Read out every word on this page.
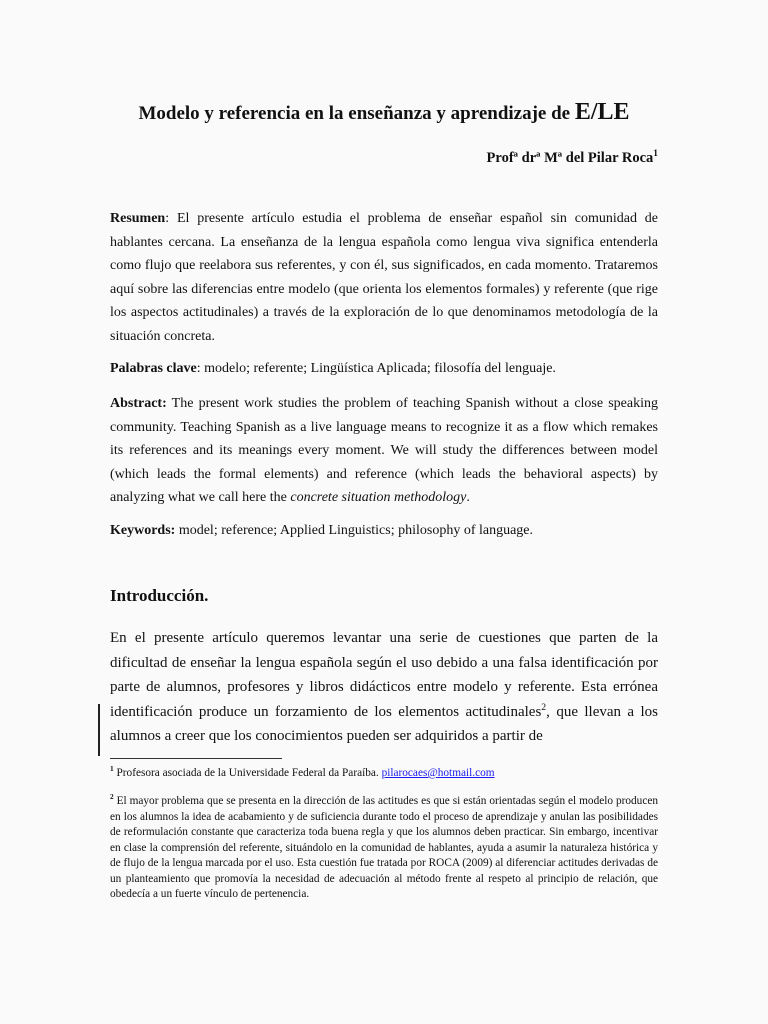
Modelo y referencia en la enseñanza y aprendizaje de E/LE
Profª drª Mª del Pilar Roca$^1$

Resumen: El presente artículo estudia el problema de enseñar español sin comunidad de hablantes cercana. La enseñanza de la lengua española como lengua viva significa entenderla como flujo que reelabora sus referentes, y con él, sus significados, en cada momento. Trataremos aquí sobre las diferencias entre modelo (que orienta los elementos formales) y referente (que rige los aspectos actitudinales) a través de la exploración de lo que denominamos metodología de la situación concreta.

Palabras clave: modelo; referente; Lingüística Aplicada; filosofía del lenguaje.

Abstract: The present work studies the problem of teaching Spanish without a close speaking community. Teaching Spanish as a live language means to recognize it as a flow which remakes its references and its meanings every moment. We will study the differences between model (which leads the formal elements) and reference (which leads the behavioral aspects) by analyzing what we call here the concrete situation methodology.

Keywords: model; reference; Applied Linguistics; philosophy of language.

Introducción.

En el presente artículo queremos levantar una serie de cuestiones que parten de la dificultad de enseñar la lengua española según el uso debido a una falsa identificación por parte de alumnos, profesores y libros didácticos entre modelo y referente. Esta errónea identificación produce un forzamiento de los elementos actitudinales$^2$, que llevan a los alumnos a creer que los conocimientos pueden ser adquiridos a partir de

$^1$ Profesora asociada de la Universidade Federal da Paraíba. pilarocaes@hotmail.com

$^2$ El mayor problema que se presenta en la dirección de las actitudes es que si están orientadas según el modelo producen en los alumnos la idea de acabamiento y de suficiencia durante todo el proceso de aprendizaje y anulan las posibilidades de reformulación constante que caracteriza toda buena regla y que los alumnos deben practicar. Sin embargo, incentivar en clase la comprensión del referente, situándolo en la comunidad de hablantes, ayuda a asumir la naturaleza histórica y de flujo de la lengua marcada por el uso. Esta cuestión fue tratada por ROCA (2009) al diferenciar actitudes derivadas de un planteamiento que promovía la necesidad de adecuación al método frente al respeto al principio de relación, que obedecía a un fuerte vínculo de pertenencia.
